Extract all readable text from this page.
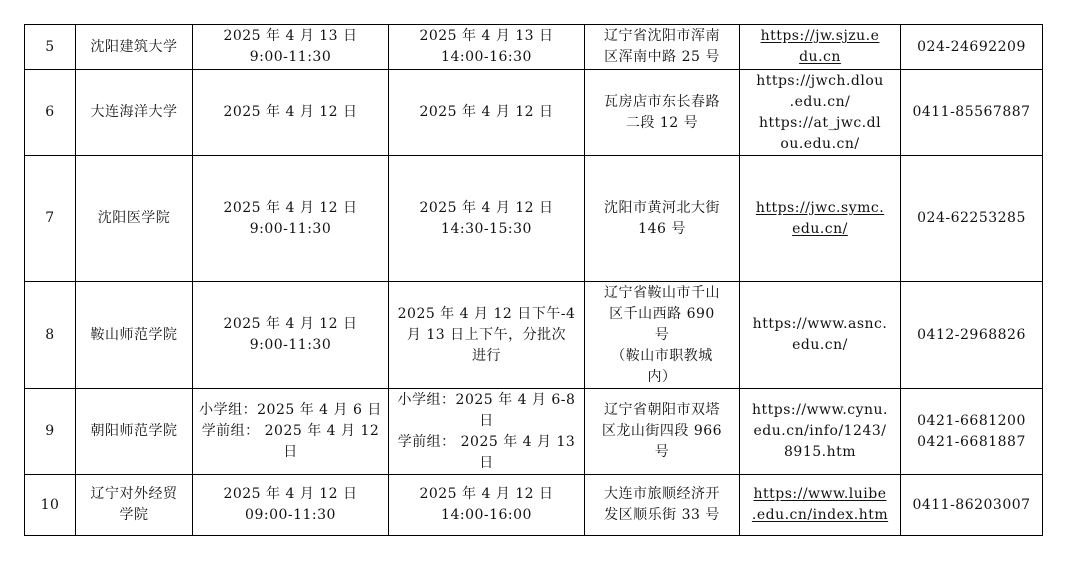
5	沈阳建筑大学	2025 年 4 月 13 日
9:00-11:30	2025 年 4 月 13 日
14:00-16:30	辽宁省沈阳市浑南
区浑南中路 25 号	https://jw.sjzu.e
du.cn	024-24692209

6	大连海洋大学	2025 年 4 月 12 日	2025 年 4 月 12 日	瓦房店市东长春路
二段 12 号	https://jwch.dlou
.edu.cn/
https://at_jwc.dl
ou.edu.cn/	0411-85567887

7	沈阳医学院	2025 年 4 月 12 日
9:00-11:30	2025 年 4 月 12 日
14:30-15:30	沈阳市黄河北大街
146 号	https://jwc.symc.
edu.cn/	024-62253285

8	鞍山师范学院	2025 年 4 月 12 日
9:00-11:30	2025 年 4 月 12 日下午-4
月 13 日上下午，分批次
进行	辽宁省鞍山市千山
区千山西路 690
号
（鞍山市职教城
内）	https://www.asnc.
edu.cn/	0412-2968826

9	朝阳师范学院	小学组：2025 年 4 月 6 日
学前组： 2025 年 4 月 12
日	小学组：2025 年 4 月 6-8
日
学前组： 2025 年 4 月 13
日	辽宁省朝阳市双塔
区龙山街四段 966
号	https://www.cynu.
edu.cn/info/1243/
8915.htm	0421-6681200
0421-6681887

10	辽宁对外经贸
学院	2025 年 4 月 12 日
09:00-11:30	2025 年 4 月 12 日
14:00-16:00	大连市旅顺经济开
发区顺乐街 33 号	https://www.luibe
.edu.cn/index.htm	0411-86203007
